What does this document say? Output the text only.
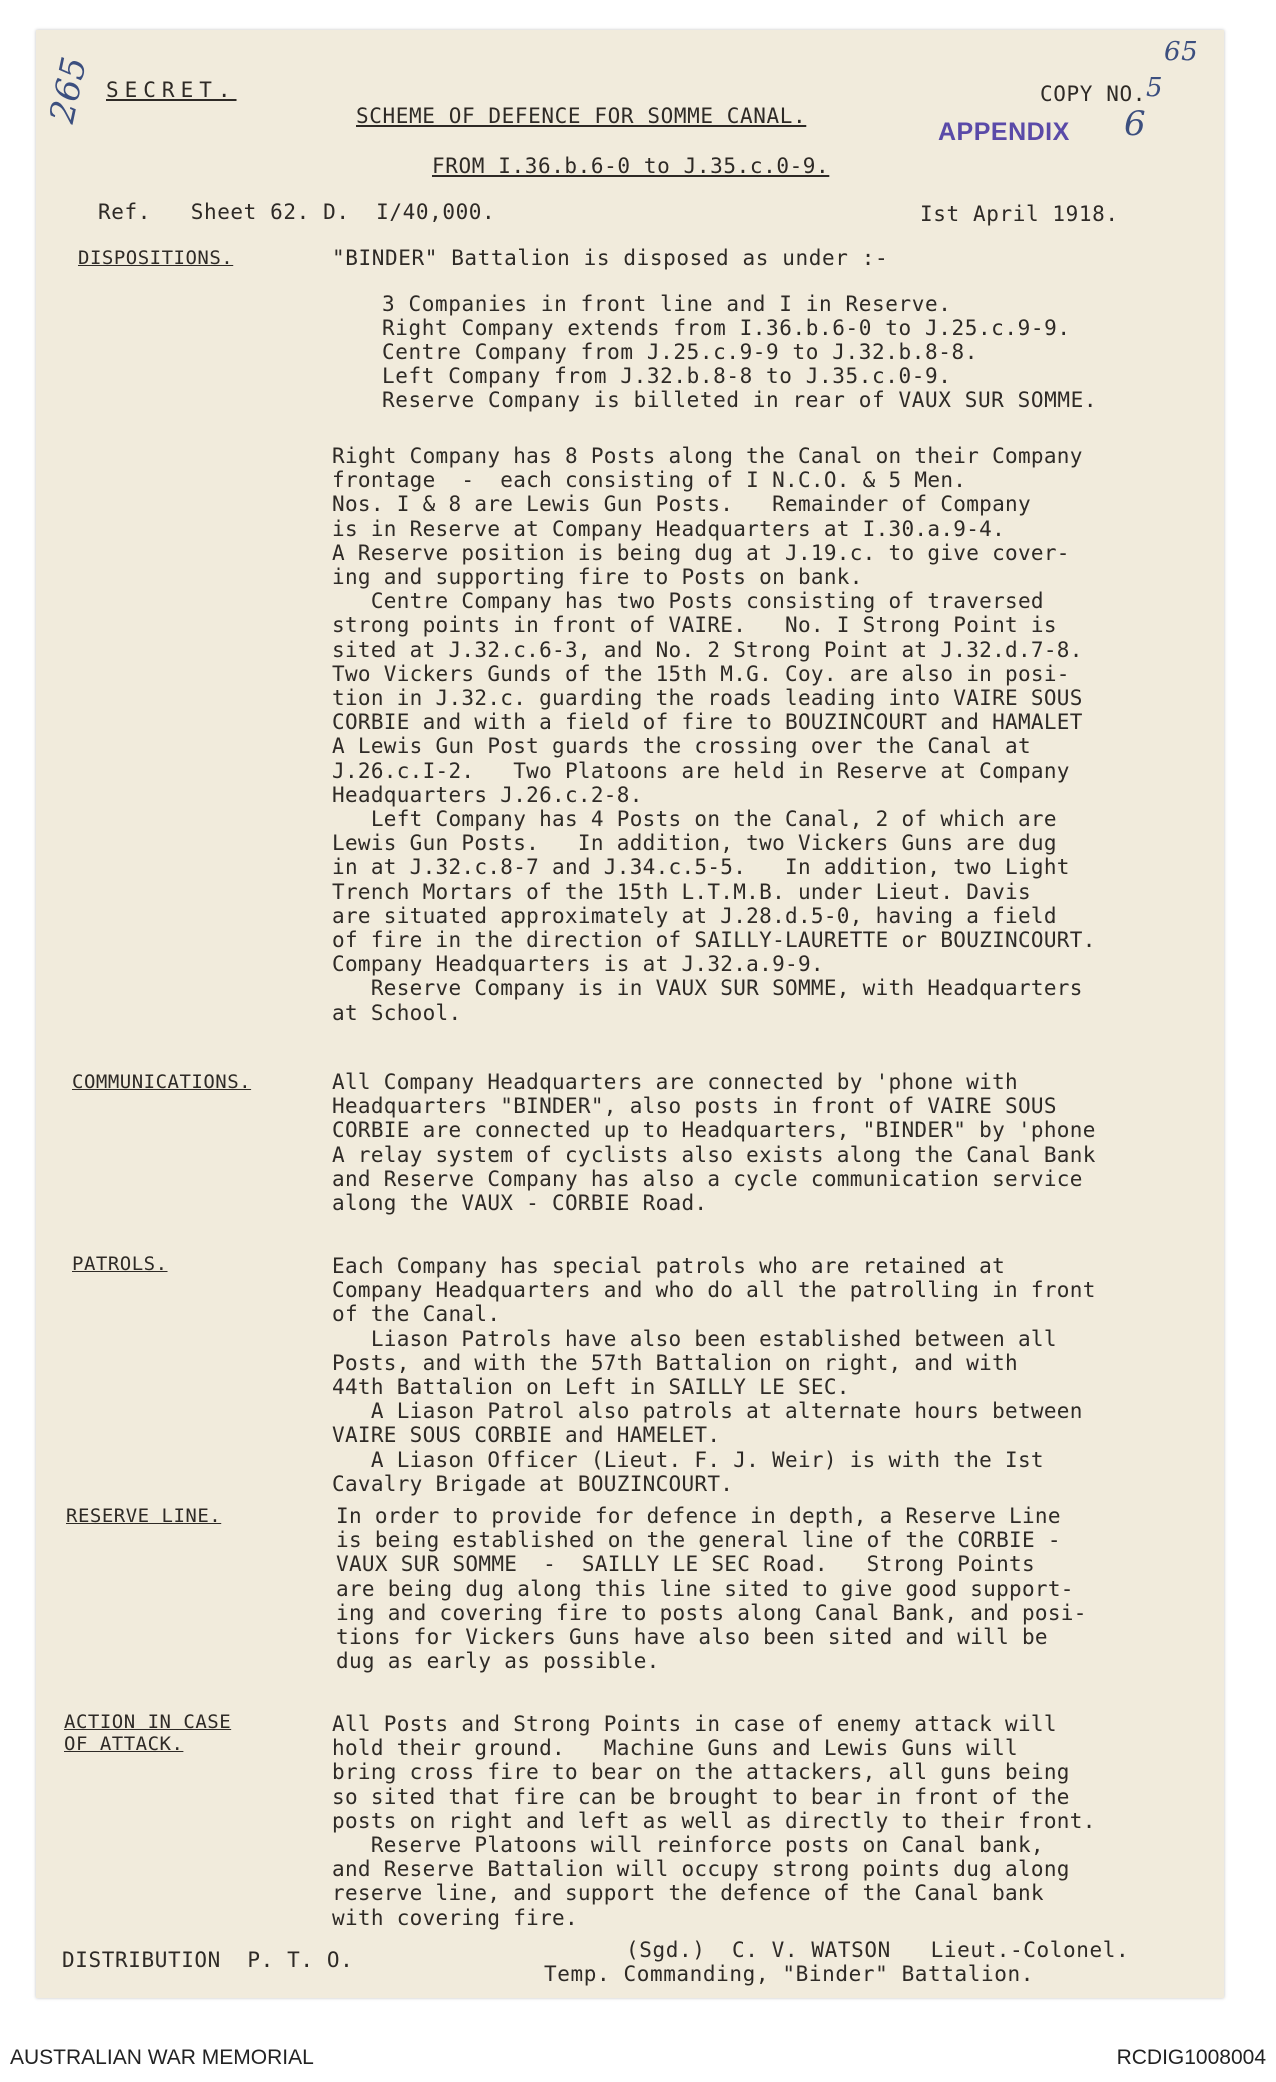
265 SECRET.	COPY NO. 5
65
APPENDIX 6
SCHEME OF DEFENCE FOR SOMME CANAL.
FROM I.36.b.6-0 to J.35.c.0-9.
Ref.   Sheet 62. D.  I/40,000.	Ist April 1918.
DISPOSITIONS.	"BINDER" Battalion is disposed as under :-
3 Companies in front line and I in Reserve.
Right Company extends from I.36.b.6-0 to J.25.c.9-9.
Centre Company from J.25.c.9-9 to J.32.b.8-8.
Left Company from J.32.b.8-8 to J.35.c.0-9.
Reserve Company is billeted in rear of VAUX SUR SOMME.
Right Company has 8 Posts along the Canal on their Company
frontage  -  each consisting of I N.C.O. & 5 Men.
Nos. I & 8 are Lewis Gun Posts.   Remainder of Company
is in Reserve at Company Headquarters at I.30.a.9-4.
A Reserve position is being dug at J.19.c. to give cover-
ing and supporting fire to Posts on bank.
Centre Company has two Posts consisting of traversed
strong points in front of VAIRE.   No. I Strong Point is
sited at J.32.c.6-3, and No. 2 Strong Point at J.32.d.7-8.
Two Vickers Gunds of the 15th M.G. Coy. are also in posi-
tion in J.32.c. guarding the roads leading into VAIRE SOUS
CORBIE and with a field of fire to BOUZINCOURT and HAMALET
A Lewis Gun Post guards the crossing over the Canal at
J.26.c.I-2.   Two Platoons are held in Reserve at Company
Headquarters J.26.c.2-8.
Left Company has 4 Posts on the Canal, 2 of which are
Lewis Gun Posts.   In addition, two Vickers Guns are dug
in at J.32.c.8-7 and J.34.c.5-5.   In addition, two Light
Trench Mortars of the 15th L.T.M.B. under Lieut. Davis
are situated approximately at J.28.d.5-0, having a field
of fire in the direction of SAILLY-LAURETTE or BOUZINCOURT.
Company Headquarters is at J.32.a.9-9.
Reserve Company is in VAUX SUR SOMME, with Headquarters
at School.
COMMUNICATIONS.	All Company Headquarters are connected by 'phone with
Headquarters "BINDER", also posts in front of VAIRE SOUS
CORBIE are connected up to Headquarters, "BINDER" by 'phone
A relay system of cyclists also exists along the Canal Bank
and Reserve Company has also a cycle communication service
along the VAUX - CORBIE Road.
PATROLS.	Each Company has special patrols who are retained at
Company Headquarters and who do all the patrolling in front
of the Canal.
Liason Patrols have also been established between all
Posts, and with the 57th Battalion on right, and with
44th Battalion on Left in SAILLY LE SEC.
A Liason Patrol also patrols at alternate hours between
VAIRE SOUS CORBIE and HAMELET.
A Liason Officer (Lieut. F. J. Weir) is with the Ist
Cavalry Brigade at BOUZINCOURT.
RESERVE LINE.	In order to provide for defence in depth, a Reserve Line
is being established on the general line of the CORBIE -
VAUX SUR SOMME  -  SAILLY LE SEC Road.   Strong Points
are being dug along this line sited to give good support-
ing and covering fire to posts along Canal Bank, and posi-
tions for Vickers Guns have also been sited and will be
dug as early as possible.
ACTION IN CASE
OF ATTACK.
All Posts and Strong Points in case of enemy attack will
hold their ground.   Machine Guns and Lewis Guns will
bring cross fire to bear on the attackers, all guns being
so sited that fire can be brought to bear in front of the
posts on right and left as well as directly to their front.
Reserve Platoons will reinforce posts on Canal bank,
and Reserve Battalion will occupy strong points dug along
reserve line, and support the defence of the Canal bank
with covering fire.
(Sgd.)  C. V. WATSON   Lieut.-Colonel.
Temp. Commanding, "Binder" Battalion.
DISTRIBUTION  P. T. O.
AUSTRALIAN WAR MEMORIAL	RCDIG1008004
